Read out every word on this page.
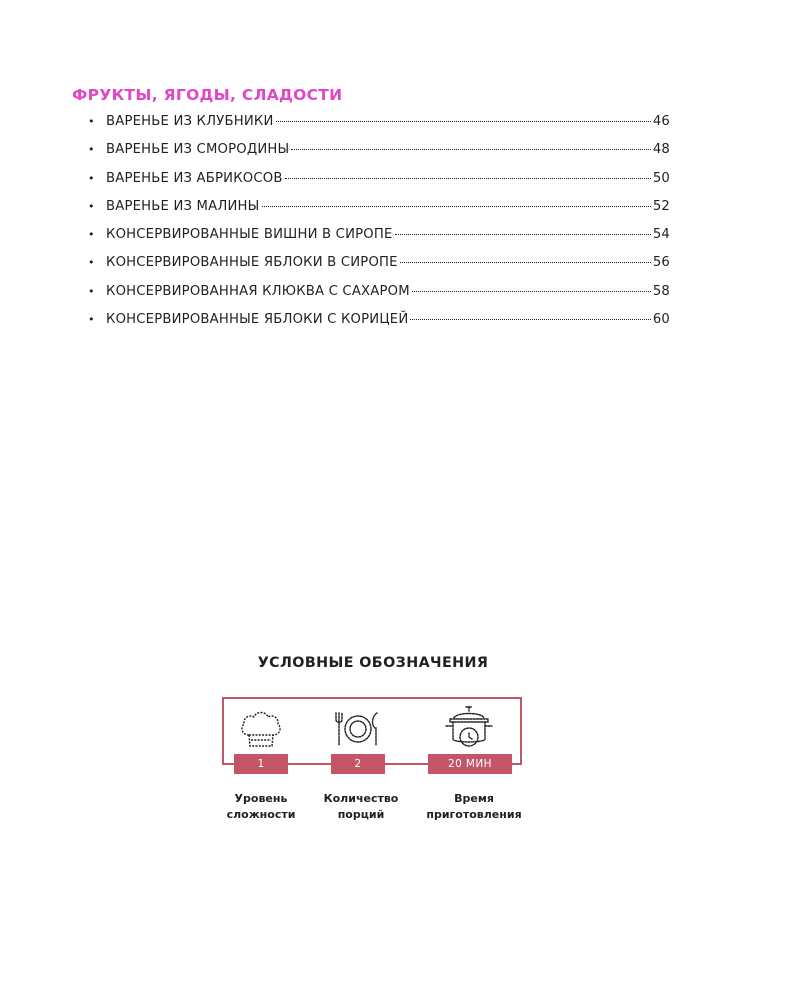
ФРУКТЫ, ЯГОДЫ, СЛАДОСТИ
• ВАРЕНЬЕ ИЗ КЛУБНИКИ	46
• ВАРЕНЬЕ ИЗ СМОРОДИНЫ	48
• ВАРЕНЬЕ ИЗ АБРИКОСОВ	50
• ВАРЕНЬЕ ИЗ МАЛИНЫ	52
• КОНСЕРВИРОВАННЫЕ ВИШНИ В СИРОПЕ	54
• КОНСЕРВИРОВАННЫЕ ЯБЛОКИ В СИРОПЕ	56
• КОНСЕРВИРОВАННАЯ КЛЮКВА С САХАРОМ	58
• КОНСЕРВИРОВАННЫЕ ЯБЛОКИ С КОРИЦЕЙ	60
УСЛОВНЫЕ ОБОЗНАЧЕНИЯ
1	2	20 МИН
Уровень
сложности
Количество
порций
Время
приготовления
